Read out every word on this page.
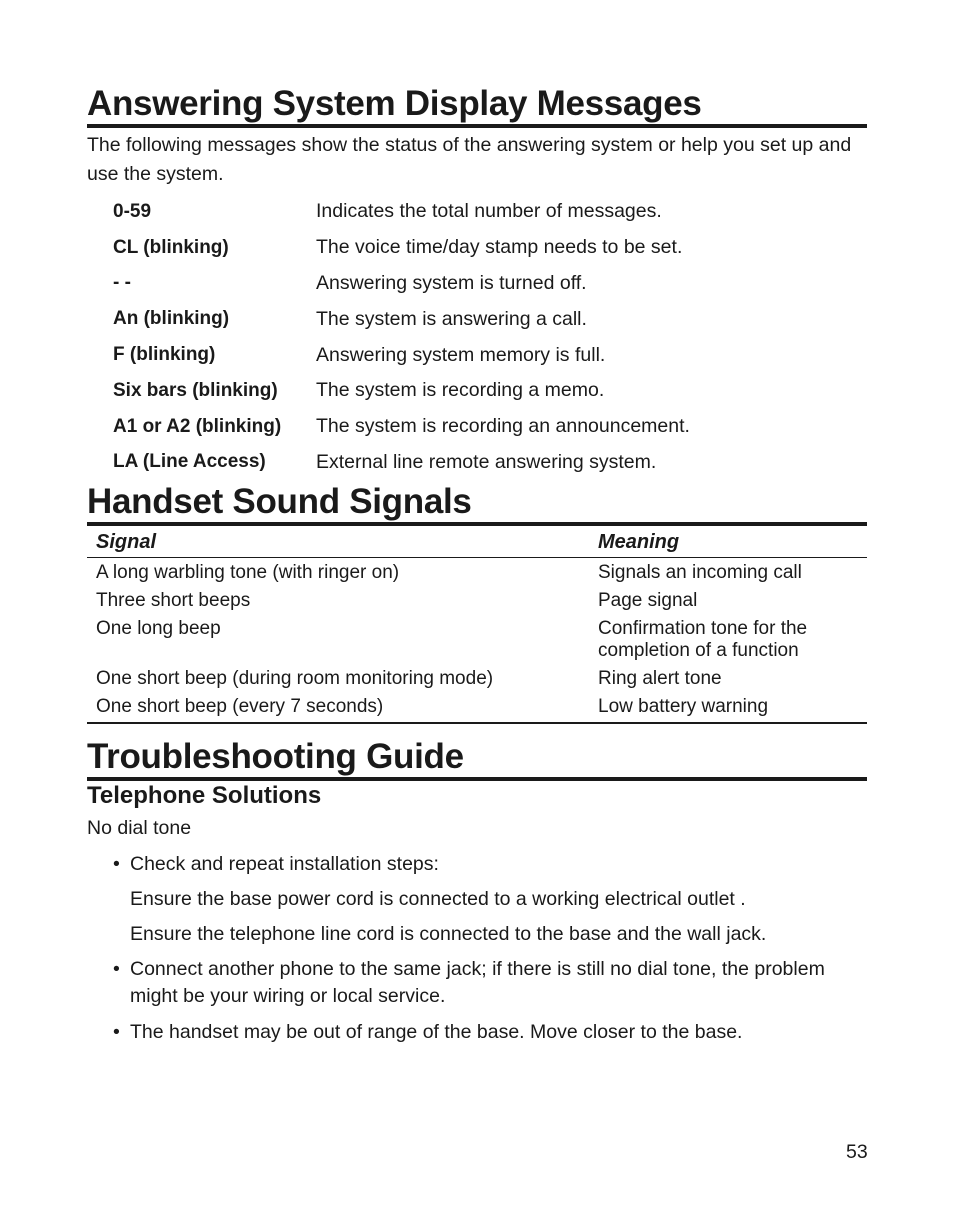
Answering System Display Messages

The following messages show the status of the answering system or help you set up and use the system.

0-59	Indicates the total number of messages.
CL (blinking)	The voice time/day stamp needs to be set.
- -	Answering system is turned off.
An (blinking)	The system is answering a call.
F (blinking)	Answering system memory is full.
Six bars (blinking)	The system is recording a memo.
A1 or A2 (blinking)	The system is recording an announcement.
LA (Line Access)	External line remote answering system.
Handset Sound Signals
Signal	Meaning
A long warbling tone (with ringer on)	Signals an incoming call
Three short beeps	Page signal
One long beep	Confirmation tone for the completion of a function
One short beep (during room monitoring mode)	Ring alert tone
One short beep (every 7 seconds)	Low battery warning
Troubleshooting Guide
Telephone Solutions

No dial tone

• Check and repeat installation steps:
Ensure the base power cord is connected to a working electrical outlet .
Ensure the telephone line cord is connected to the base and the wall jack.
• Connect another phone to the same jack; if there is still no dial tone, the problem might be your wiring or local service.
• The handset may be out of range of the base. Move closer to the base.
53
